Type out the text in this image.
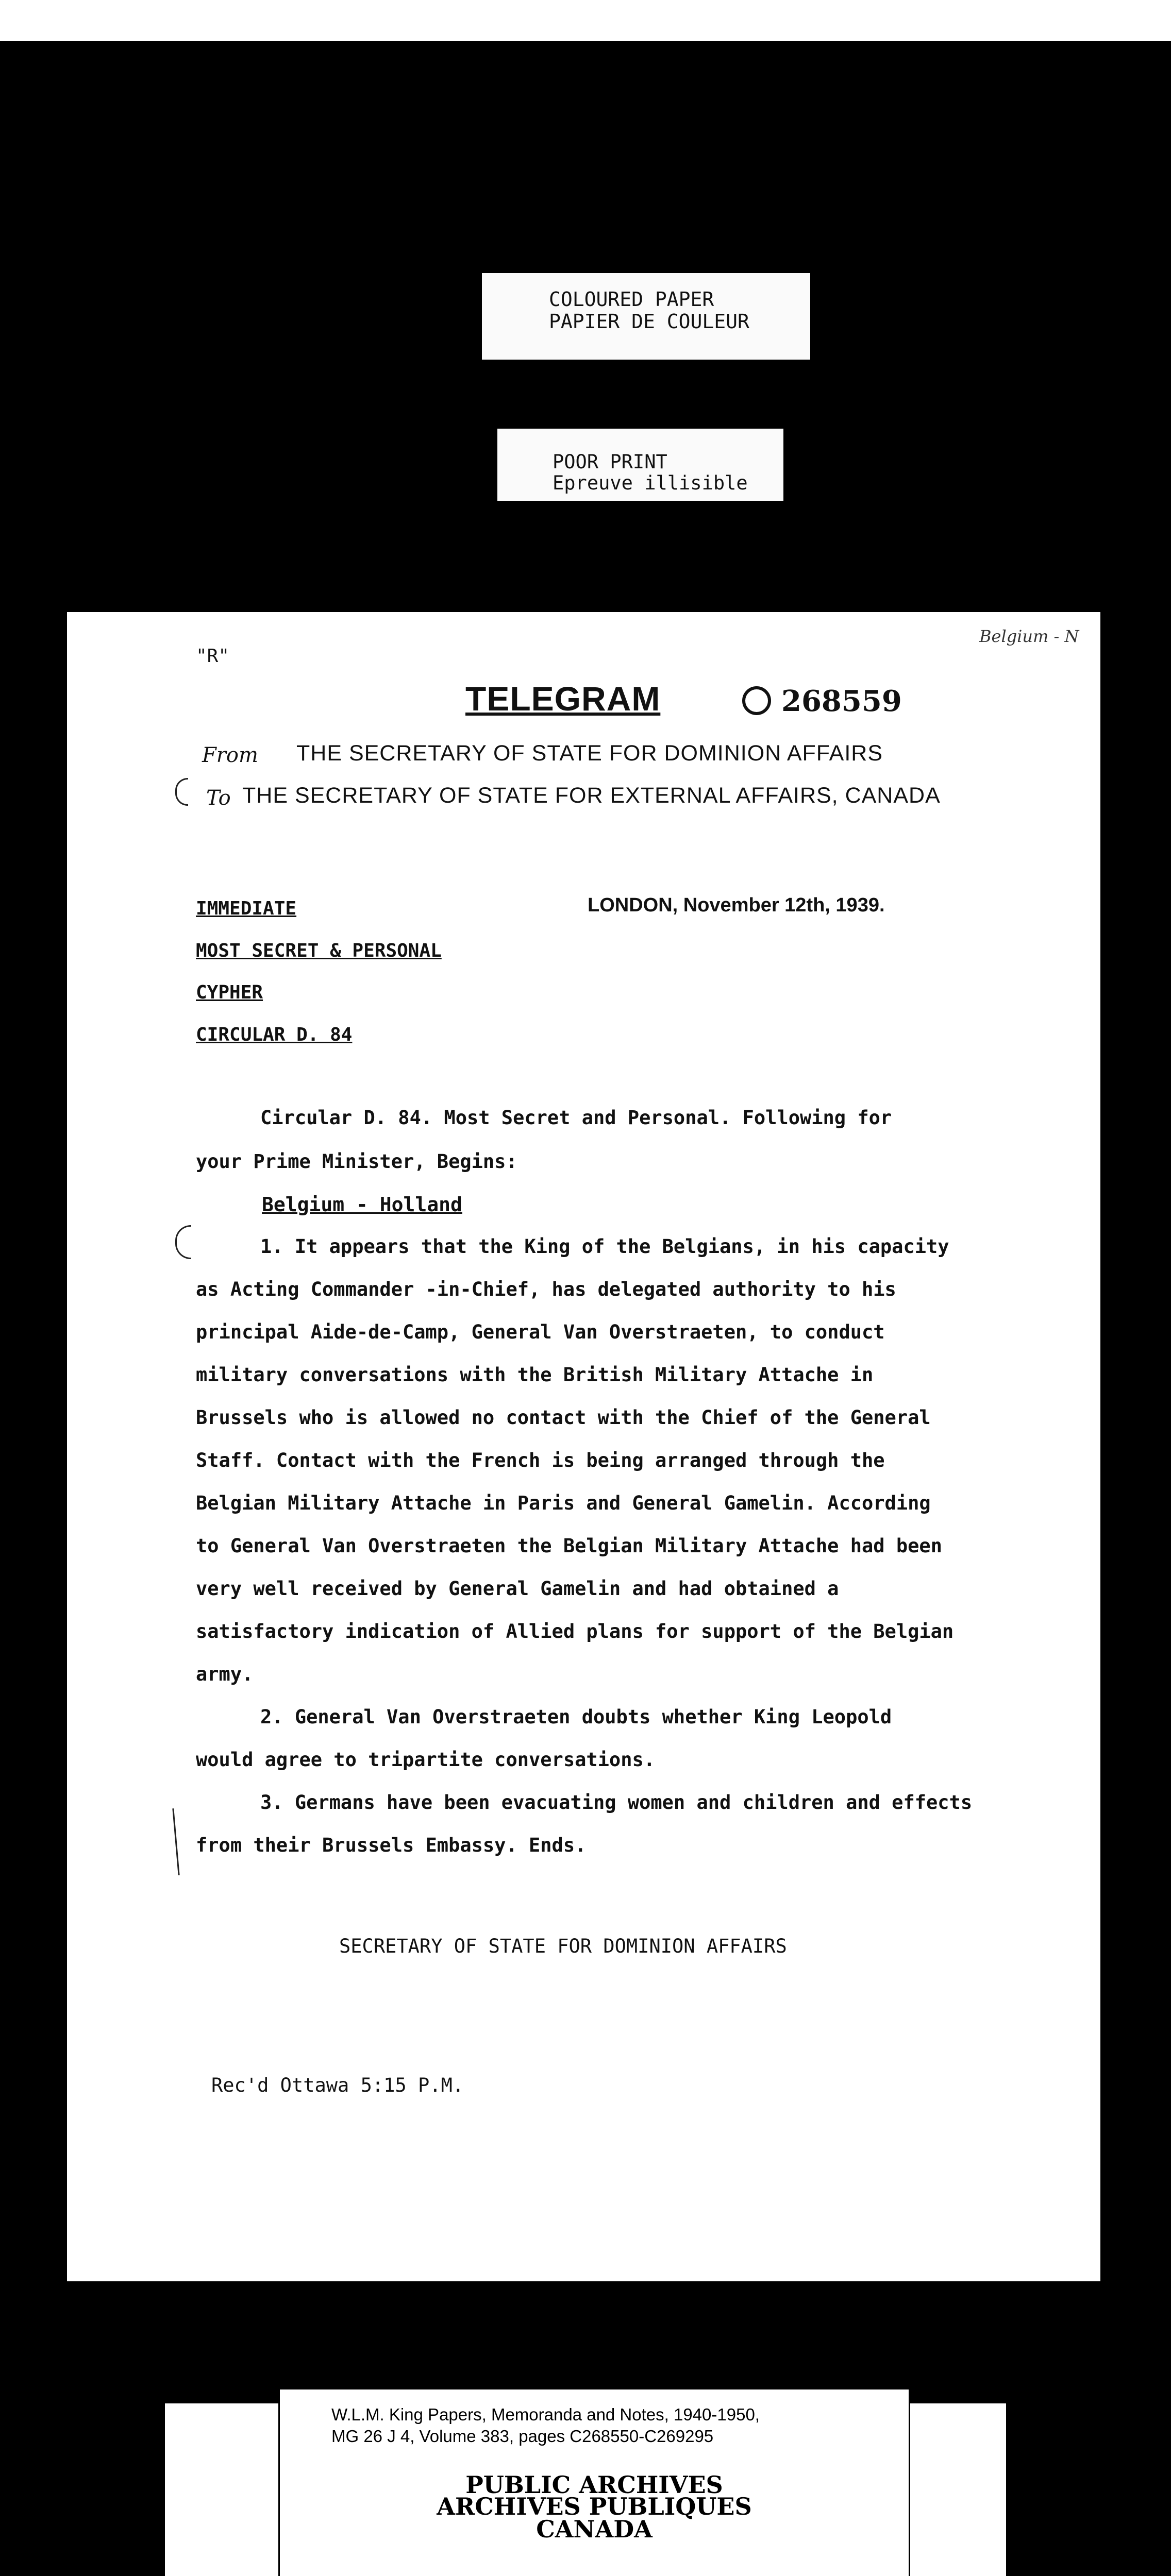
COLOURED PAPER
PAPIER DE COULEUR
POOR PRINT
Epreuve illisible
"R"
TELEGRAM	268559
Belgium - N
From THE SECRETARY OF STATE FOR DOMINION AFFAIRS
To THE SECRETARY OF STATE FOR EXTERNAL AFFAIRS, CANADA
IMMEDIATE
MOST SECRET & PERSONAL
CYPHER
CIRCULAR D. 84
LONDON, November 12th, 1939.
Circular D. 84. Most Secret and Personal. Following for
your Prime Minister, Begins:
Belgium - Holland
1. It appears that the King of the Belgians, in his capacity
as Acting Commander -in-Chief, has delegated authority to his
principal Aide-de-Camp, General Van Overstraeten, to conduct
military conversations with the British Military Attache in
Brussels who is allowed no contact with the Chief of the General
Staff. Contact with the French is being arranged through the
Belgian Military Attache in Paris and General Gamelin. According
to General Van Overstraeten the Belgian Military Attache had been
very well received by General Gamelin and had obtained a
satisfactory indication of Allied plans for support of the Belgian
army.
2. General Van Overstraeten doubts whether King Leopold
would agree to tripartite conversations.
3. Germans have been evacuating women and children and effects
from their Brussels Embassy. Ends.
SECRETARY OF STATE FOR DOMINION AFFAIRS
Rec'd Ottawa 5:15 P.M.
W.L.M. King Papers, Memoranda and Notes, 1940-1950,
MG 26 J 4, Volume 383, pages C268550-C269295
PUBLIC ARCHIVES
ARCHIVES PUBLIQUES
CANADA
